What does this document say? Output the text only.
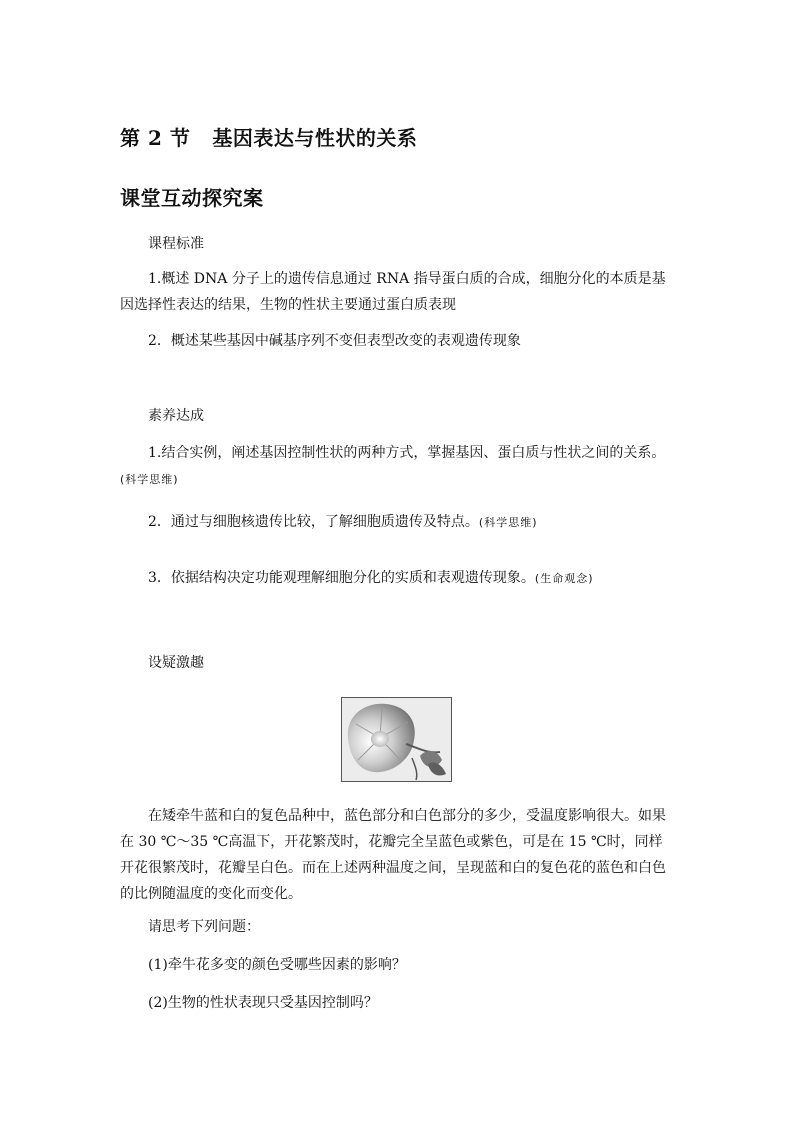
第 2 节 基因表达与性状的关系
课堂互动探究案
课程标准

1.概述 DNA 分子上的遗传信息通过 RNA 指导蛋白质的合成，细胞分化的本质是基因选择性表达的结果，生物的性状主要通过蛋白质表现

2．概述某些基因中碱基序列不变但表型改变的表观遗传现象

素养达成

1.结合实例，阐述基因控制性状的两种方式，掌握基因、蛋白质与性状之间的关系。(科学思维)

2．通过与细胞核遗传比较，了解细胞质遗传及特点。(科学思维)

3．依据结构决定功能观理解细胞分化的实质和表观遗传现象。(生命观念)

设疑激趣

在矮牵牛蓝和白的复色品种中，蓝色部分和白色部分的多少，受温度影响很大。如果在 30 ℃～35 ℃高温下，开花繁茂时，花瓣完全呈蓝色或紫色，可是在 15 ℃时，同样开花很繁茂时，花瓣呈白色。而在上述两种温度之间，呈现蓝和白的复色花的蓝色和白色的比例随温度的变化而变化。

请思考下列问题：
(1)牵牛花多变的颜色受哪些因素的影响？
(2)生物的性状表现只受基因控制吗？
